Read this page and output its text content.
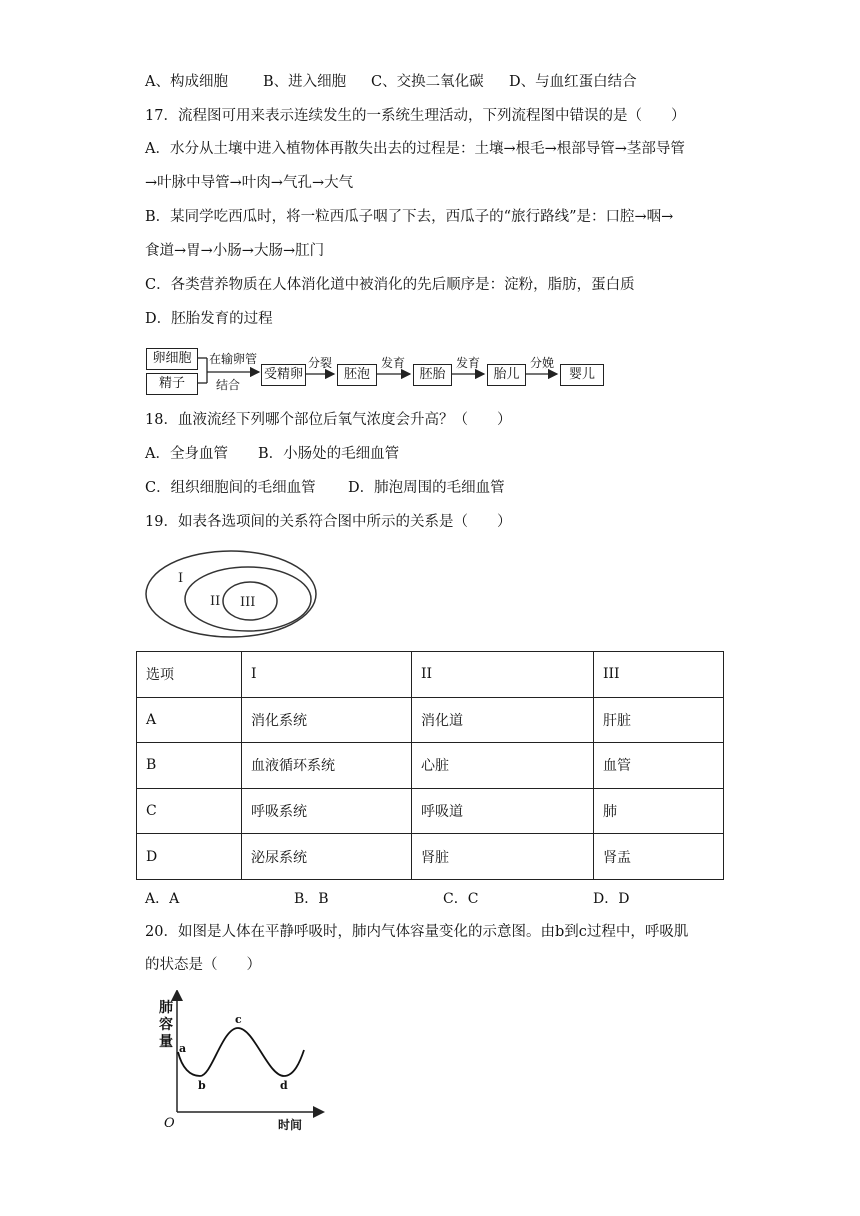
A、构成细胞 B、进入细胞 C、交换二氧化碳 D、与血红蛋白结合
17．流程图可用来表示连续发生的一系统生理活动，下列流程图中错误的是（　　）
A．水分从土壤中进入植物体再散失出去的过程是：土壤→根毛→根部导管→茎部导管
→叶脉中导管→叶肉→气孔→大气
B．某同学吃西瓜时，将一粒西瓜子咽了下去，西瓜子的“旅行路线”是：口腔→咽→
食道→胃→小肠→大肠→肛门
C．各类营养物质在人体消化道中被消化的先后顺序是：淀粉，脂肪，蛋白质
D．胚胎发育的过程
卵细胞
精子
在输卵管
结合
受精卵
分裂
胚泡
发育
胚胎
发育
胎儿
分娩
婴儿
18．血液流经下列哪个部位后氧气浓度会升高？（　　）
A．全身血管 B．小肠处的毛细血管
C．组织细胞间的毛细血管 D．肺泡周围的毛细血管
19．如表各选项间的关系符合图中所示的关系是（　　）
I
II III
选项	I	II	III
A	消化系统	消化道	肝脏
B	血液循环系统	心脏	血管
C	呼吸系统	呼吸道	肺
D	泌尿系统	肾脏	肾盂
A．A	B．B	C．C	D．D
20．如图是人体在平静呼吸时，肺内气体容量变化的示意图。由b到c过程中，呼吸肌
的状态是（　　）
肺
容
量
O	时间
a
b
c
d
